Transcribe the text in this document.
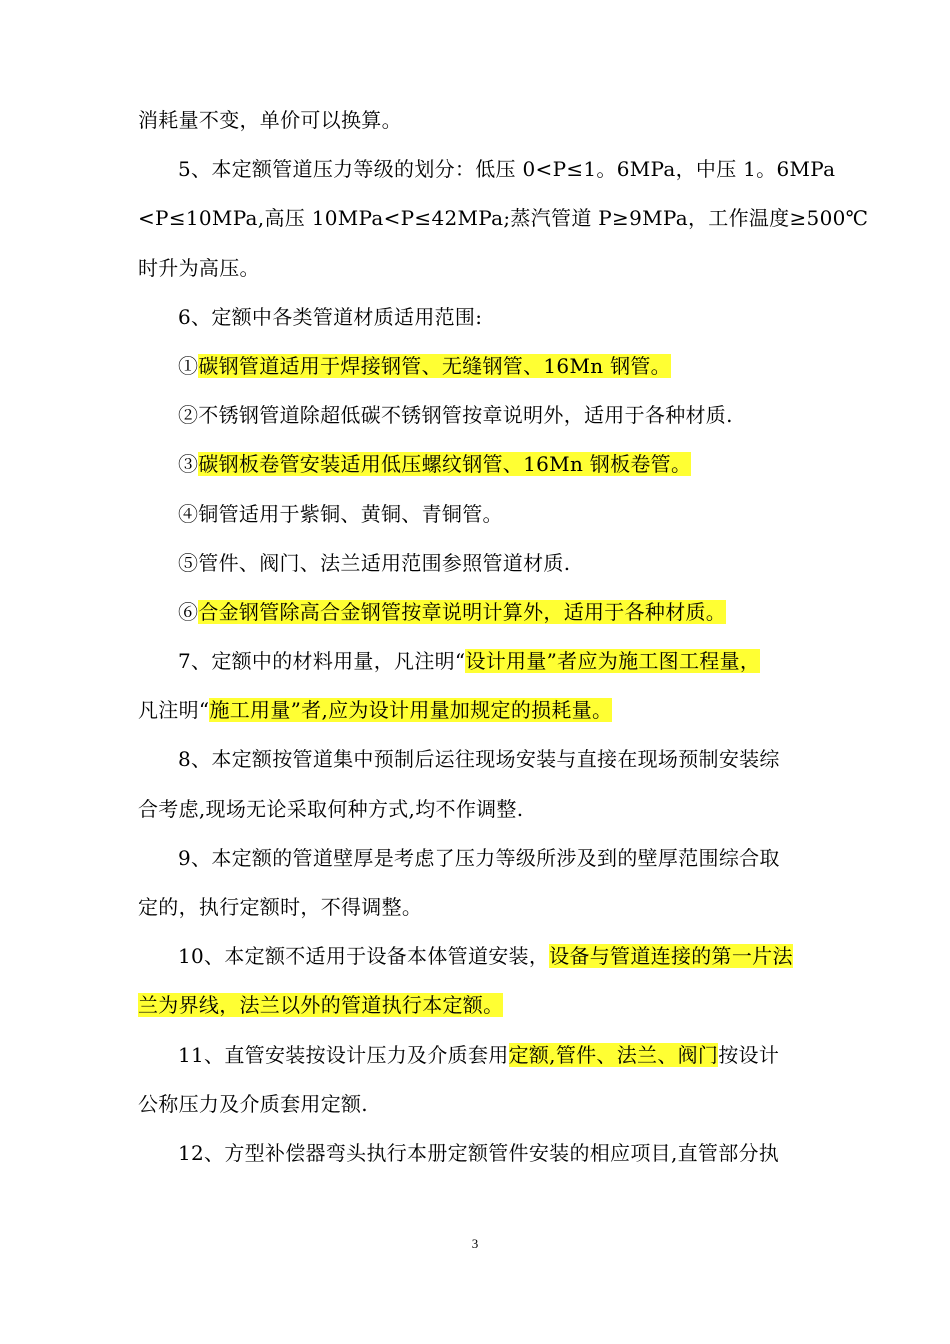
消耗量不变，单价可以换算。
5、本定额管道压力等级的划分：低压 0<P≤1。6MPa，中压 1。6MPa
<P≤10MPa,高压 10MPa<P≤42MPa;蒸汽管道 P≥9MPa，工作温度≥500℃
时升为高压。
6、定额中各类管道材质适用范围:
①碳钢管道适用于焊接钢管、无缝钢管、16Mn 钢管。
②不锈钢管道除超低碳不锈钢管按章说明外，适用于各种材质.
③碳钢板卷管安装适用低压螺纹钢管、16Mn 钢板卷管。
④铜管适用于紫铜、黄铜、青铜管。
⑤管件、阀门、法兰适用范围参照管道材质.
⑥合金钢管除高合金钢管按章说明计算外，适用于各种材质。
7、定额中的材料用量，凡注明“设计用量”者应为施工图工程量，
凡注明“施工用量”者,应为设计用量加规定的损耗量。
8、本定额按管道集中预制后运往现场安装与直接在现场预制安装综
合考虑,现场无论采取何种方式,均不作调整.
9、本定额的管道壁厚是考虑了压力等级所涉及到的壁厚范围综合取
定的，执行定额时，不得调整。
10、本定额不适用于设备本体管道安装，设备与管道连接的第一片法
兰为界线，法兰以外的管道执行本定额。
11、直管安装按设计压力及介质套用定额,管件、法兰、阀门按设计
公称压力及介质套用定额.
12、方型补偿器弯头执行本册定额管件安装的相应项目,直管部分执
3
